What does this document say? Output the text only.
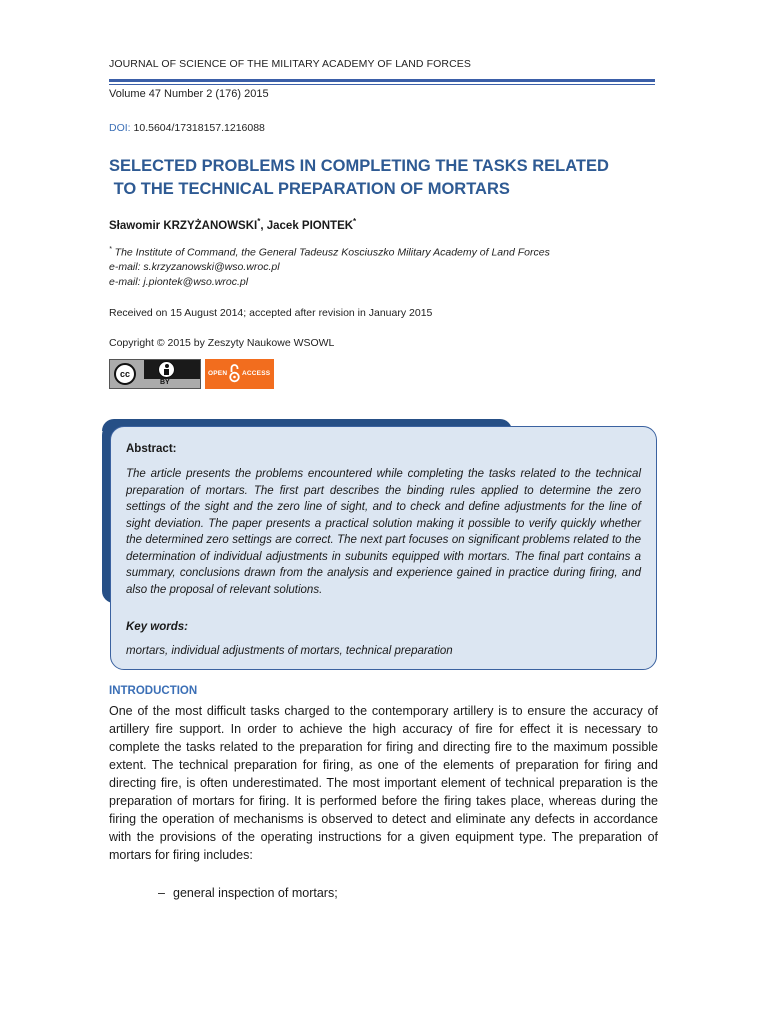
JOURNAL OF SCIENCE OF THE MILITARY ACADEMY OF LAND FORCES
Volume 47 Number 2 (176) 2015
DOI: 10.5604/17318157.1216088
SELECTED PROBLEMS IN COMPLETING THE TASKS RELATED
TO THE TECHNICAL PREPARATION OF MORTARS
Sławomir KRZYŻANOWSKI*, Jacek PIONTEK*
* The Institute of Command, the General Tadeusz Kosciuszko Military Academy of Land Forces
e-mail: s.krzyzanowski@wso.wroc.pl
e-mail: j.piontek@wso.wroc.pl
Received on 15 August 2014; accepted after revision in January 2015
Copyright © 2015 by Zeszyty Naukowe WSOWL
cc
BY
OPEN ACCESS
Abstract:
The article presents the problems encountered while completing the tasks related to the technical preparation of mortars. The first part describes the binding rules applied to determine the zero settings of the sight and the zero line of sight, and to check and define adjustments for the line of sight deviation. The paper presents a practical solution making it possible to verify quickly whether the determined zero settings are correct. The next part focuses on significant problems related to the determination of individual adjustments in subunits equipped with mortars. The final part contains a summary, conclusions drawn from the analysis and experience gained in practice during firing, and also the proposal of relevant solutions.
Key words:
mortars, individual adjustments of mortars, technical preparation
INTRODUCTION
One of the most difficult tasks charged to the contemporary artillery is to ensure the accuracy of artillery fire support. In order to achieve the high accuracy of fire for effect it is necessary to complete the tasks related to the preparation for firing and directing fire to the maximum possible extent. The technical preparation for firing, as one of the elements of preparation for firing and directing fire, is often underestimated. The most important element of technical preparation is the preparation of mortars for firing. It is performed before the firing takes place, whereas during the firing the operation of mechanisms is observed to detect and eliminate any defects in accordance with the provisions of the operating instructions for a given equipment type. The preparation of mortars for firing includes:
– general inspection of mortars;
